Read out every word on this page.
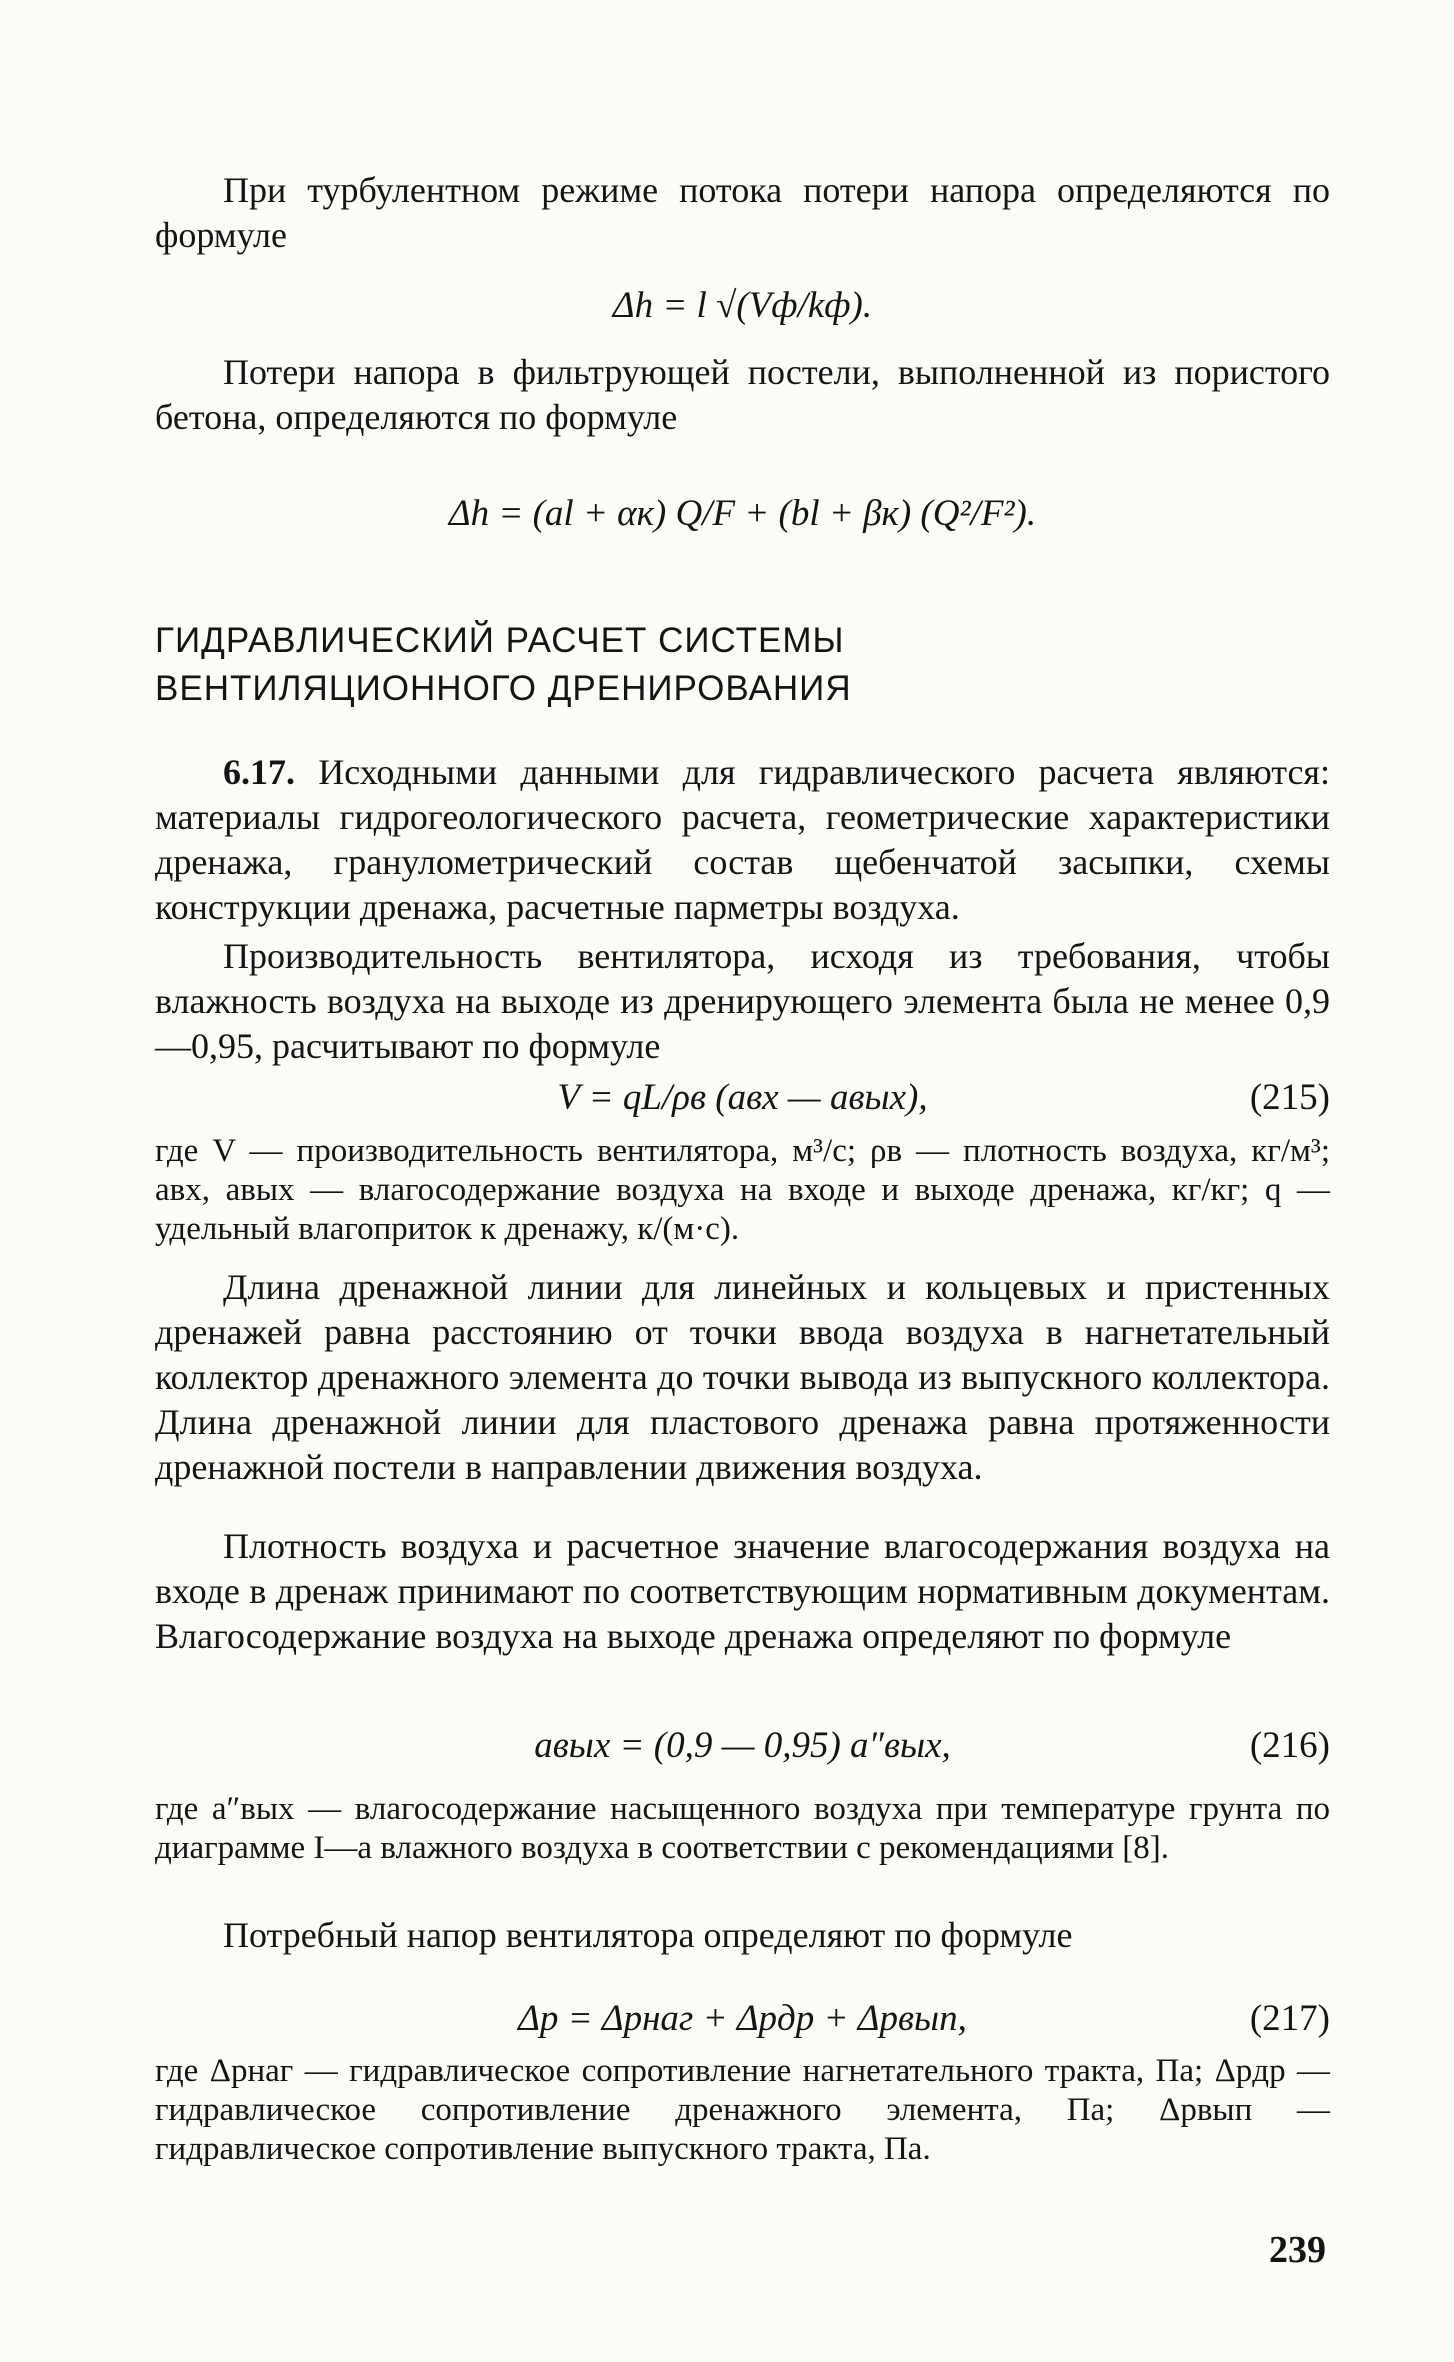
При турбулентном режиме потока потери напора определяются по формуле

Δh = l √(Vф/kф).

Потери напора в фильтрующей постели, выполненной из пористого бетона, определяются по формуле

Δh = (al + αк) Q/F + (bl + βк) (Q²/F²).
ГИДРАВЛИЧЕСКИЙ РАСЧЕТ СИСТЕМЫ
ВЕНТИЛЯЦИОННОГО ДРЕНИРОВАНИЯ

6.17. Исходными данными для гидравлического расчета являются: материалы гидрогеологического расчета, геометрические характеристики дренажа, гранулометрический состав щебенчатой засыпки, схемы конструкции дренажа, расчетные парметры воздуха.

Производительность вентилятора, исходя из требования, чтобы влажность воздуха на выходе из дренирующего элемента была не менее 0,9—0,95, расчитывают по формуле

V = qL/ρв (aвх — aвых),	(215)

где V — производительность вентилятора, м³/с; ρв — плотность воздуха, кг/м³; aвх, aвых — влагосодержание воздуха на входе и выходе дренажа, кг/кг; q — удельный влагоприток к дренажу, к/(м·с).

Длина дренажной линии для линейных и кольцевых и пристенных дренажей равна расстоянию от точки ввода воздуха в нагнетательный коллектор дренажного элемента до точки вывода из выпускного коллектора. Длина дренажной линии для пластового дренажа равна протяженности дренажной постели в направлении движения воздуха.

Плотность воздуха и расчетное значение влагосодержания воздуха на входе в дренаж принимают по соответствующим нормативным документам. Влагосодержание воздуха на выходе дренажа определяют по формуле

aвых = (0,9 — 0,95) a″вых,	(216)

где a″вых — влагосодержание насыщенного воздуха при температуре грунта по диаграмме I—a влажного воздуха в соответствии с рекомендациями [8].

Потребный напор вентилятора определяют по формуле

Δp = Δpнаг + Δpдр + Δpвып,	(217)

где Δpнаг — гидравлическое сопротивление нагнетательного тракта, Па; Δpдр — гидравлическое сопротивление дренажного элемента, Па; Δpвып — гидравлическое сопротивление выпускного тракта, Па.

239
